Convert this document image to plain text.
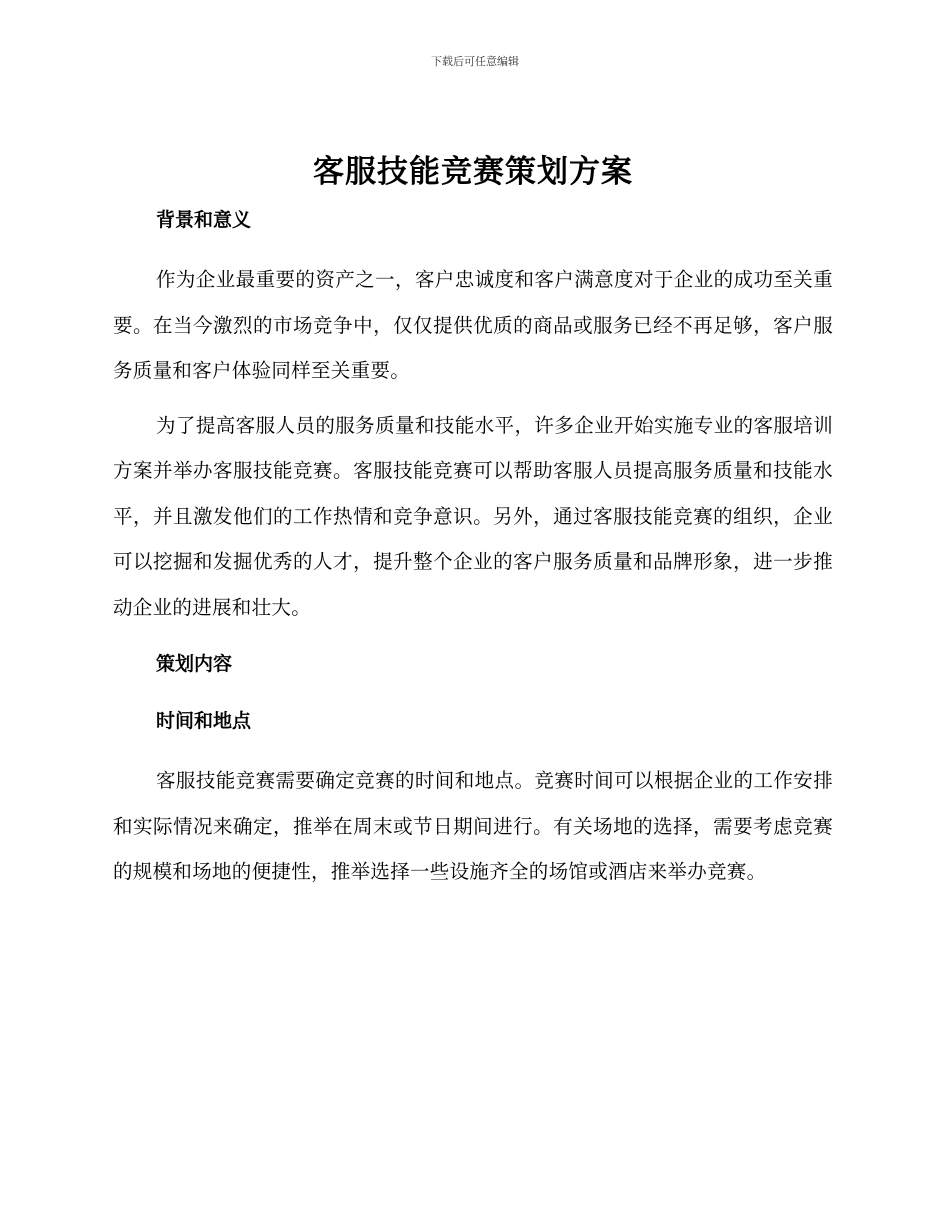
下载后可任意编辑
客服技能竞赛策划方案
背景和意义

作为企业最重要的资产之一，客户忠诚度和客户满意度对于企业的成功至关重要。在当今激烈的市场竞争中，仅仅提供优质的商品或服务已经不再足够，客户服务质量和客户体验同样至关重要。

为了提高客服人员的服务质量和技能水平，许多企业开始实施专业的客服培训方案并举办客服技能竞赛。客服技能竞赛可以帮助客服人员提高服务质量和技能水平，并且激发他们的工作热情和竞争意识。另外，通过客服技能竞赛的组织，企业可以挖掘和发掘优秀的人才，提升整个企业的客户服务质量和品牌形象，进一步推动企业的进展和壮大。

策划内容
时间和地点

客服技能竞赛需要确定竞赛的时间和地点。竞赛时间可以根据企业的工作安排和实际情况来确定，推举在周末或节日期间进行。有关场地的选择，需要考虑竞赛的规模和场地的便捷性，推举选择一些设施齐全的场馆或酒店来举办竞赛。
